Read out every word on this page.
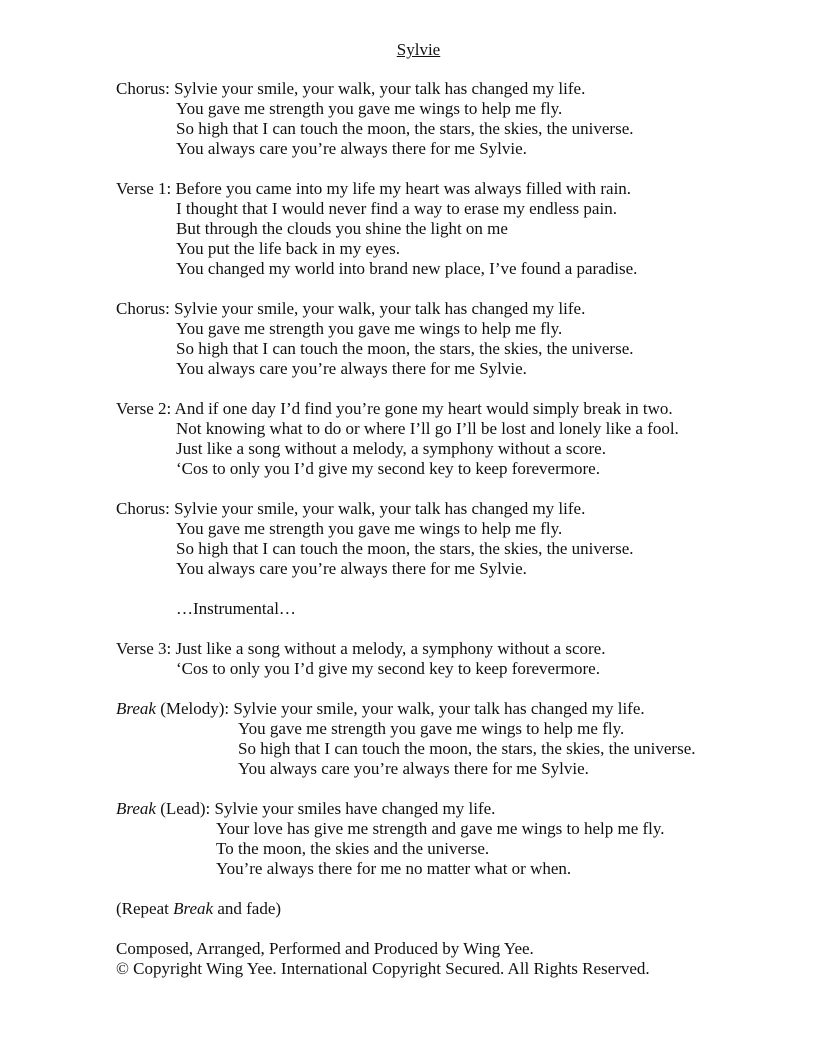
Sylvie
Chorus: Sylvie your smile, your walk, your talk has changed my life.
You gave me strength you gave me wings to help me fly.
So high that I can touch the moon, the stars, the skies, the universe.
You always care you’re always there for me Sylvie.
Verse 1: Before you came into my life my heart was always filled with rain.
I thought that I would never find a way to erase my endless pain.
But through the clouds you shine the light on me
You put the life back in my eyes.
You changed my world into brand new place, I’ve found a paradise.
Chorus: Sylvie your smile, your walk, your talk has changed my life.
You gave me strength you gave me wings to help me fly.
So high that I can touch the moon, the stars, the skies, the universe.
You always care you’re always there for me Sylvie.
Verse 2: And if one day I’d find you’re gone my heart would simply break in two.
Not knowing what to do or where I’ll go I’ll be lost and lonely like a fool.
Just like a song without a melody, a symphony without a score.
‘Cos to only you I’d give my second key to keep forevermore.
Chorus: Sylvie your smile, your walk, your talk has changed my life.
You gave me strength you gave me wings to help me fly.
So high that I can touch the moon, the stars, the skies, the universe.
You always care you’re always there for me Sylvie.
…Instrumental…
Verse 3: Just like a song without a melody, a symphony without a score.
‘Cos to only you I’d give my second key to keep forevermore.
Break (Melody): Sylvie your smile, your walk, your talk has changed my life.
You gave me strength you gave me wings to help me fly.
So high that I can touch the moon, the stars, the skies, the universe.
You always care you’re always there for me Sylvie.
Break (Lead): Sylvie your smiles have changed my life.
Your love has give me strength and gave me wings to help me fly.
To the moon, the skies and the universe.
You’re always there for me no matter what or when.
(Repeat Break and fade)
Composed, Arranged, Performed and Produced by Wing Yee.
© Copyright Wing Yee. International Copyright Secured. All Rights Reserved.
